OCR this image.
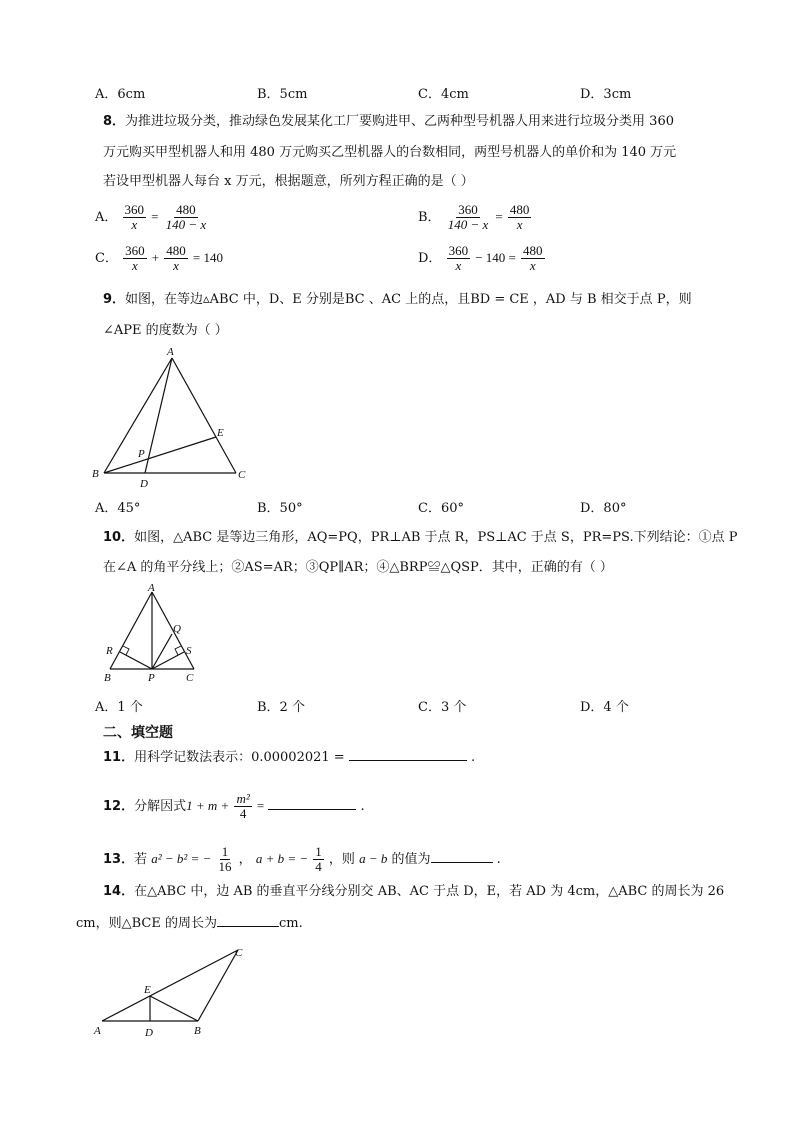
A．6cm	B．5cm	C．4cm	D．3cm
8．为推进垃圾分类，推动绿色发展某化工厂要购进甲、乙两种型号机器人用来进行垃圾分类用 360
万元购买甲型机器人和用 480 万元购买乙型机器人的台数相同，两型号机器人的单价和为 140 万元
若设甲型机器人每台 x 万元，根据题意，所列方程正确的是（ ）
A． $\frac{360}{x} = \frac{480}{140 - x}$	B． $\frac{360}{140 - x} = \frac{480}{x}$
C． $\frac{360}{x} + \frac{480}{x} = 140$	D． $\frac{360}{x} - 140 = \frac{480}{x}$
9．如图，在等边▵ABC 中，D、E 分别是BC 、AC 上的点，且BD = CE ，AD 与 B 相交于点 P，则
∠APE 的度数为（ ）
A
B	C
D
E
P
A．45°	B．50°	C．60°	D．80°
10．如图，△ABC 是等边三角形，AQ=PQ，PR⊥AB 于点 R，PS⊥AC 于点 S，PR=PS.下列结论：①点 P
在∠A 的角平分线上；②AS=AR；③QP∥AR；④△BRP≌△QSP．其中，正确的有（ ）
A
Q
R	S
B	P	C
A．1 个	B．2 个	C．3 个	D．4 个
二、填空题
11．用科学记数法表示：0.00002021 =	.
12．分解因式$1 + m + \frac{\text{m²}}{4}$ =	.
13．若 a² − b² = − $\frac{1}{16}$ ， a + b = − $\frac{1}{4}$ ，则 a − b 的值为	.
14．在△ABC 中，边 AB 的垂直平分线分别交 AB、AC 于点 D，E，若 AD 为 4cm，△ABC 的周长为 26
cm，则△BCE 的周长为	cm.
C
E
A	D	B
